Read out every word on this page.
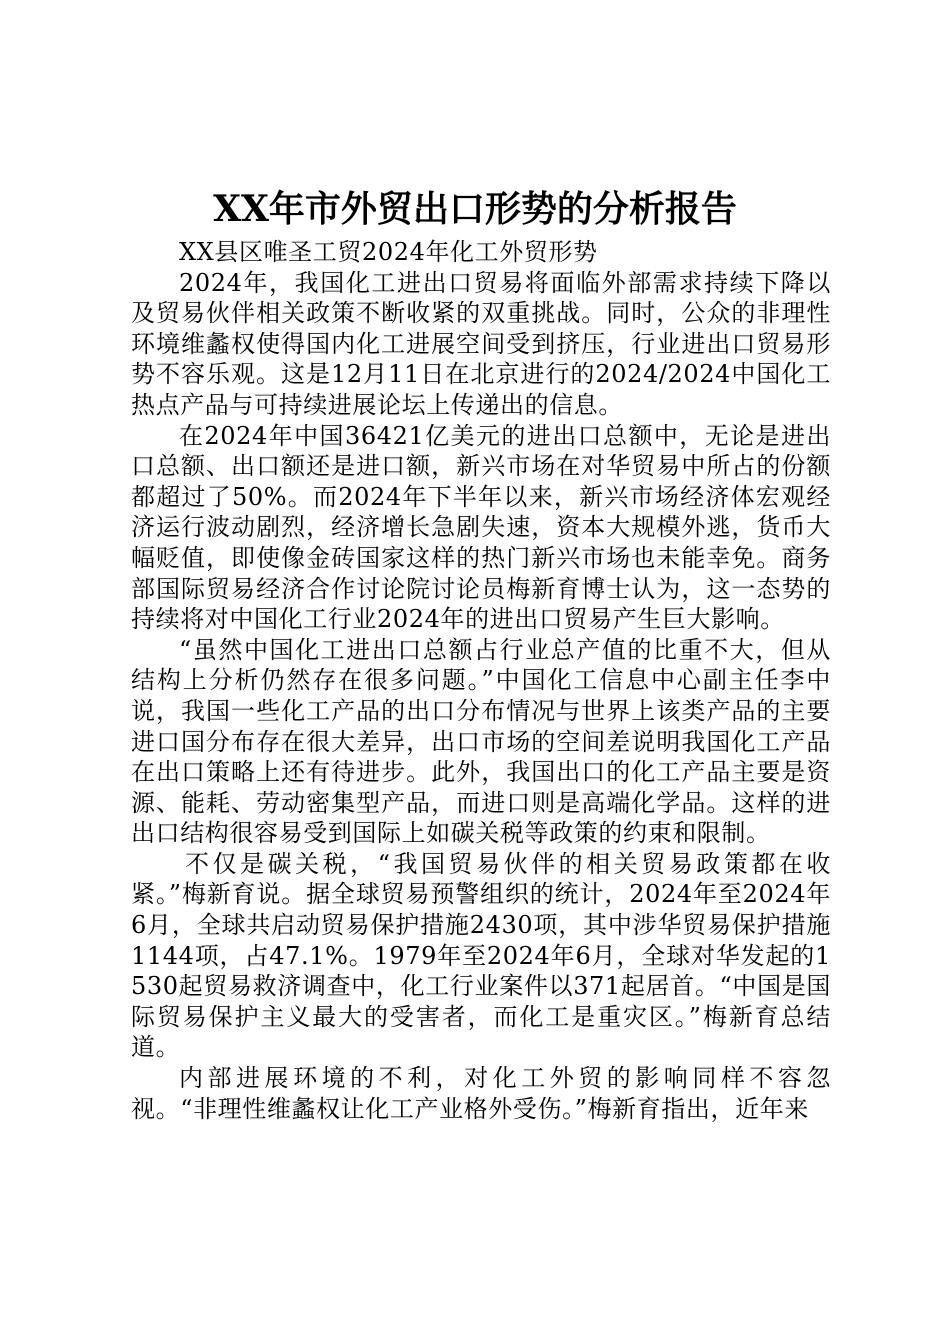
XX年市外贸出口形势的分析报告

XX县区唯圣工贸2024年化工外贸形势

2024年，我国化工进出口贸易将面临外部需求持续下降以及贸易伙伴相关政策不断收紧的双重挑战。同时，公众的非理性环境维蠡权使得国内化工进展空间受到挤压，行业进出口贸易形势不容乐观。这是12月11日在北京进行的2024/2024中国化工热点产品与可持续进展论坛上传递出的信息。

在2024年中国36421亿美元的进出口总额中，无论是进出口总额、出口额还是进口额，新兴市场在对华贸易中所占的份额都超过了50%。而2024年下半年以来，新兴市场经济体宏观经济运行波动剧烈，经济增长急剧失速，资本大规模外逃，货币大幅贬值，即使像金砖国家这样的热门新兴市场也未能幸免。商务部国际贸易经济合作讨论院讨论员梅新育博士认为，这一态势的持续将对中国化工行业2024年的进出口贸易产生巨大影响。

“虽然中国化工进出口总额占行业总产值的比重不大，但从结构上分析仍然存在很多问题。”中国化工信息中心副主任李中说，我国一些化工产品的出口分布情况与世界上该类产品的主要进口国分布存在很大差异，出口市场的空间差说明我国化工产品在出口策略上还有待进步。此外，我国出口的化工产品主要是资源、能耗、劳动密集型产品，而进口则是高端化学品。这样的进出口结构很容易受到国际上如碳关税等政策的约束和限制。

不仅是碳关税，“我国贸易伙伴的相关贸易政策都在收紧。”梅新育说。据全球贸易预警组织的统计，2024年至2024年6月，全球共启动贸易保护措施2430项，其中涉华贸易保护措施1144项，占47.1%。1979年至2024年6月，全球对华发起的1530起贸易救济调查中，化工行业案件以371起居首。“中国是国际贸易保护主义最大的受害者，而化工是重灾区。”梅新育总结道。

内部进展环境的不利，对化工外贸的影响同样不容忽视。“非理性维蠡权让化工产业格外受伤。”梅新育指出，近年来
